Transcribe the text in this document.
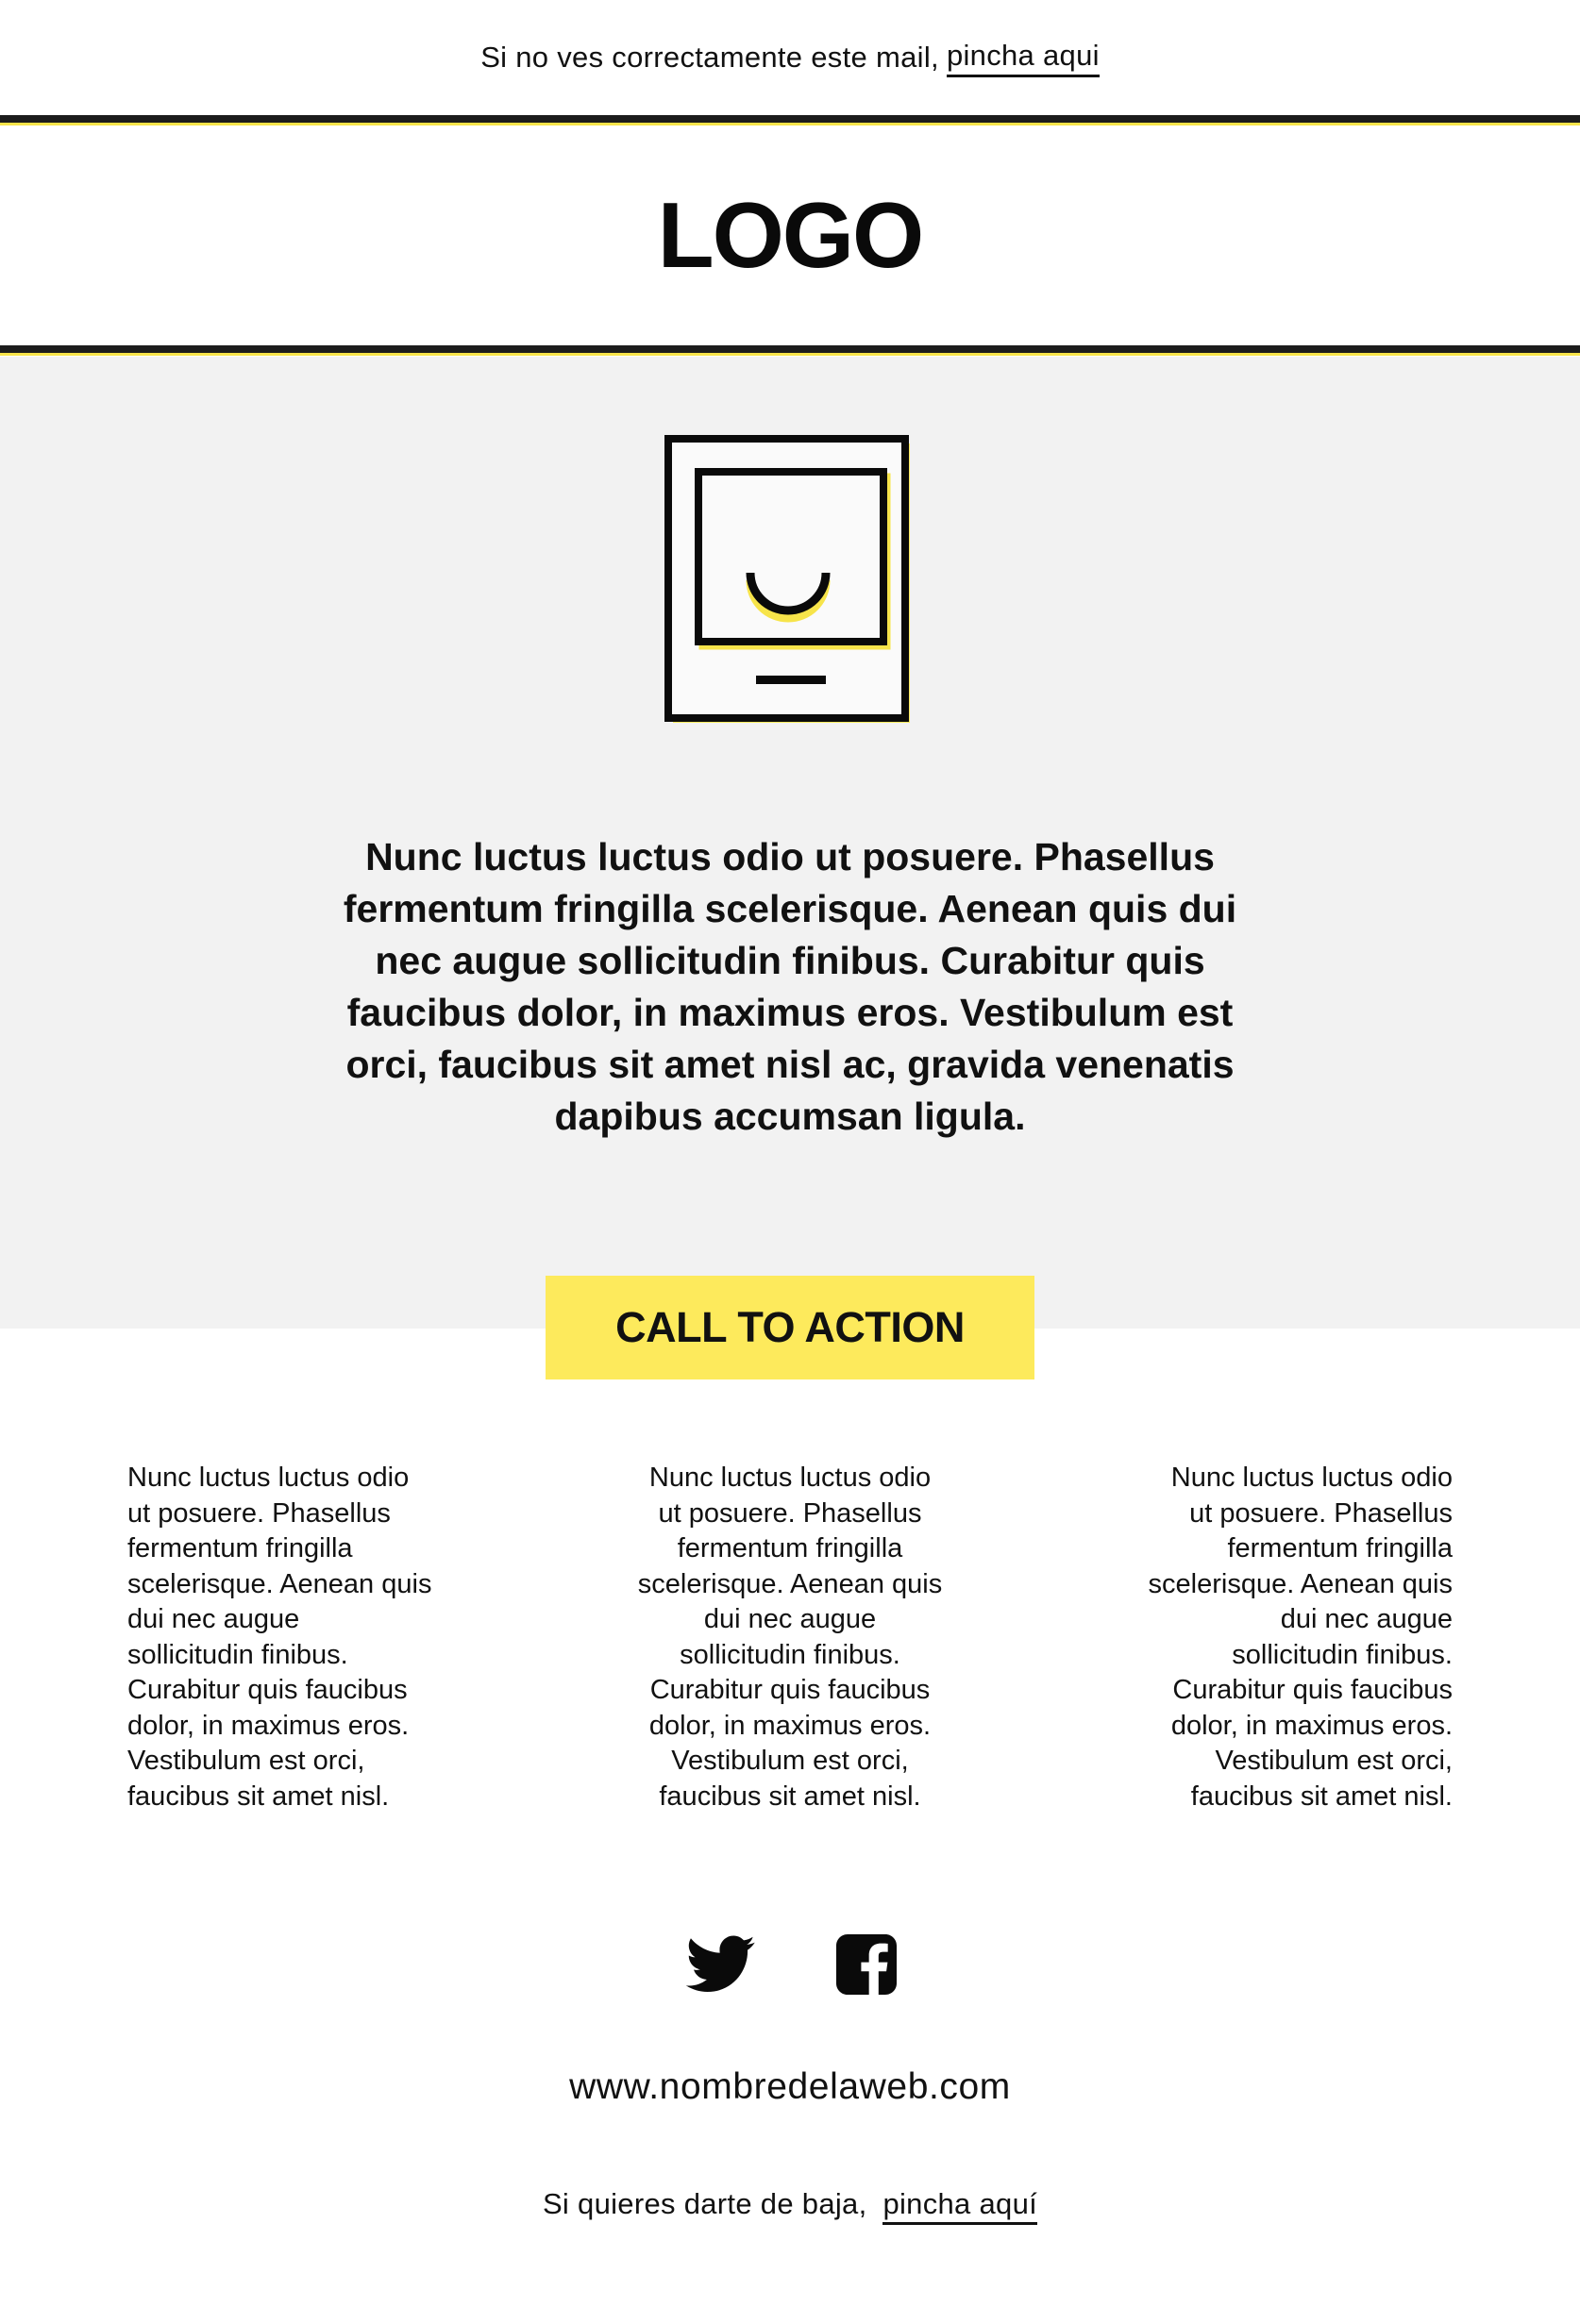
Si no ves correctamente este mail, pincha aqui
LOGO
Nunc luctus luctus odio ut posuere. Phasellus fermentum fringilla scelerisque. Aenean quis dui nec augue sollicitudin finibus. Curabitur quis faucibus dolor, in maximus eros. Vestibulum est orci, faucibus sit amet nisl ac, gravida venenatis dapibus accumsan ligula.
CALL TO ACTION
Nunc luctus luctus odio
ut posuere. Phasellus
fermentum fringilla
scelerisque. Aenean quis
dui nec augue
sollicitudin finibus.
Curabitur quis faucibus
dolor, in maximus eros.
Vestibulum est orci,
faucibus sit amet nisl.
Nunc luctus luctus odio
ut posuere. Phasellus
fermentum fringilla
scelerisque. Aenean quis
dui nec augue
sollicitudin finibus.
Curabitur quis faucibus
dolor, in maximus eros.
Vestibulum est orci,
faucibus sit amet nisl.
Nunc luctus luctus odio
ut posuere. Phasellus
fermentum fringilla
scelerisque. Aenean quis
dui nec augue
sollicitudin finibus.
Curabitur quis faucibus
dolor, in maximus eros.
Vestibulum est orci,
faucibus sit amet nisl.
www.nombredelaweb.com
Si quieres darte de baja, pincha aquí
